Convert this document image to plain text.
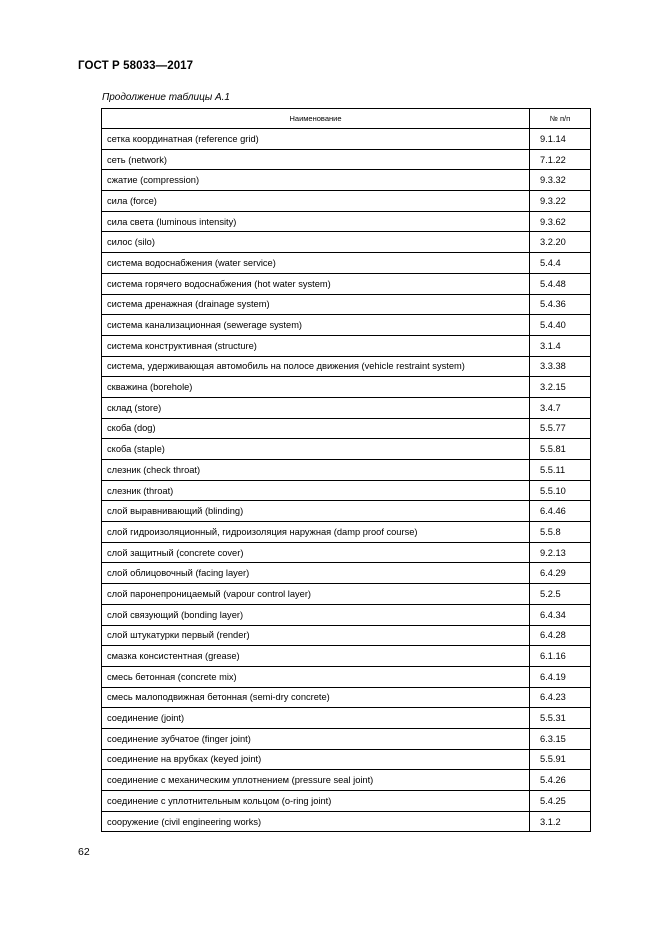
ГОСТ Р 58033—2017
Продолжение таблицы А.1
Наименование	№ п/п
сетка координатная (reference grid)	9.1.14
сеть (network)	7.1.22
сжатие (compression)	9.3.32
сила (force)	9.3.22
сила света (luminous intensity)	9.3.62
силос (silo)	3.2.20
система водоснабжения (water service)	5.4.4
система горячего водоснабжения (hot water system)	5.4.48
система дренажная (drainage system)	5.4.36
система канализационная (sewerage system)	5.4.40
система конструктивная (structure)	3.1.4
система, удерживающая автомобиль на полосе движения (vehicle restraint system)	3.3.38
скважина (borehole)	3.2.15
склад (store)	3.4.7
скоба (dog)	5.5.77
скоба (staple)	5.5.81
слезник (check throat)	5.5.11
слезник (throat)	5.5.10
слой выравнивающий (blinding)	6.4.46
слой гидроизоляционный, гидроизоляция наружная (damp proof course)	5.5.8
слой защитный (concrete cover)	9.2.13
слой облицовочный (facing layer)	6.4.29
слой паронепроницаемый (vapour control layer)	5.2.5
слой связующий (bonding layer)	6.4.34
слой штукатурки первый (render)	6.4.28
смазка консистентная (grease)	6.1.16
смесь бетонная (concrete mix)	6.4.19
смесь малоподвижная бетонная (semi-dry concrete)	6.4.23
соединение (joint)	5.5.31
соединение зубчатое (finger joint)	6.3.15
соединение на врубках (keyed joint)	5.5.91
соединение с механическим уплотнением (pressure seal joint)	5.4.26
соединение с уплотнительным кольцом (o-ring joint)	5.4.25
сооружение (civil engineering works)	3.1.2
62
